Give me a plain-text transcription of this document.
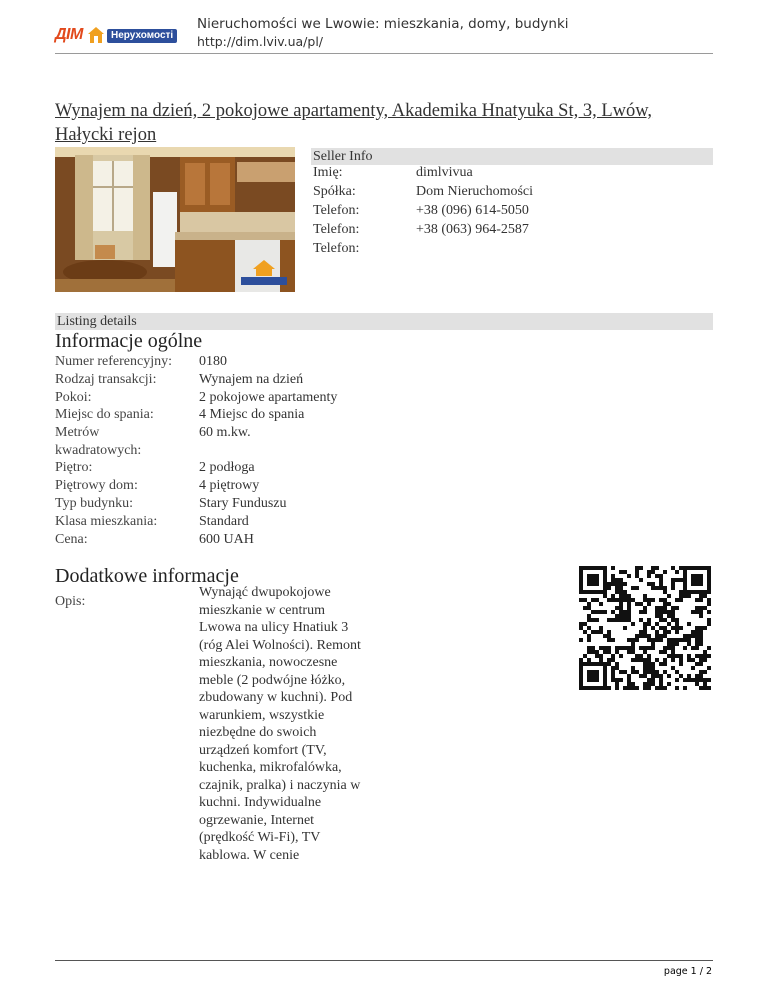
ДІМ	Нерухомості
Nieruchomości we Lwowie: mieszkania, domy, budynki
http://dim.lviv.ua/pl/
Wynajem na dzień, 2 pokojowe apartamenty, Akademika Hnatyuka St, 3, Lwów, Hałycki rejon
Seller Info
Imię:	dimlvivua
Spółka:	Dom Nieruchomości
Telefon:	+38 (096) 614-5050
Telefon:	+38 (063) 964-2587
Telefon:
Listing details
Informacje ogólne
Numer referencyjny:	0180
Rodzaj transakcji:	Wynajem na dzień
Pokoi:	2 pokojowe apartamenty
Miejsc do spania:	4 Miejsc do spania
Metrów kwadratowych:
60 m.kw.
Piętro:	2 podłoga
Piętrowy dom:	4 piętrowy
Typ budynku:	Stary Funduszu
Klasa mieszkania:	Standard
Cena:	600 UAH
Dodatkowe informacje
Opis:
Wynająć dwupokojowe mieszkanie w centrum Lwowa na ulicy Hnatiuk 3 (róg Alei Wolności). Remont mieszkania, nowoczesne meble (2 podwójne łóżko, zbudowany w kuchni). Pod warunkiem, wszystkie niezbędne do swoich urządzeń komfort (TV, kuchenka, mikrofalówka, czajnik, pralka) i naczynia w kuchni. Indywidualne ogrzewanie, Internet (prędkość Wi-Fi), TV kablowa. W cenie
page 1 / 2
